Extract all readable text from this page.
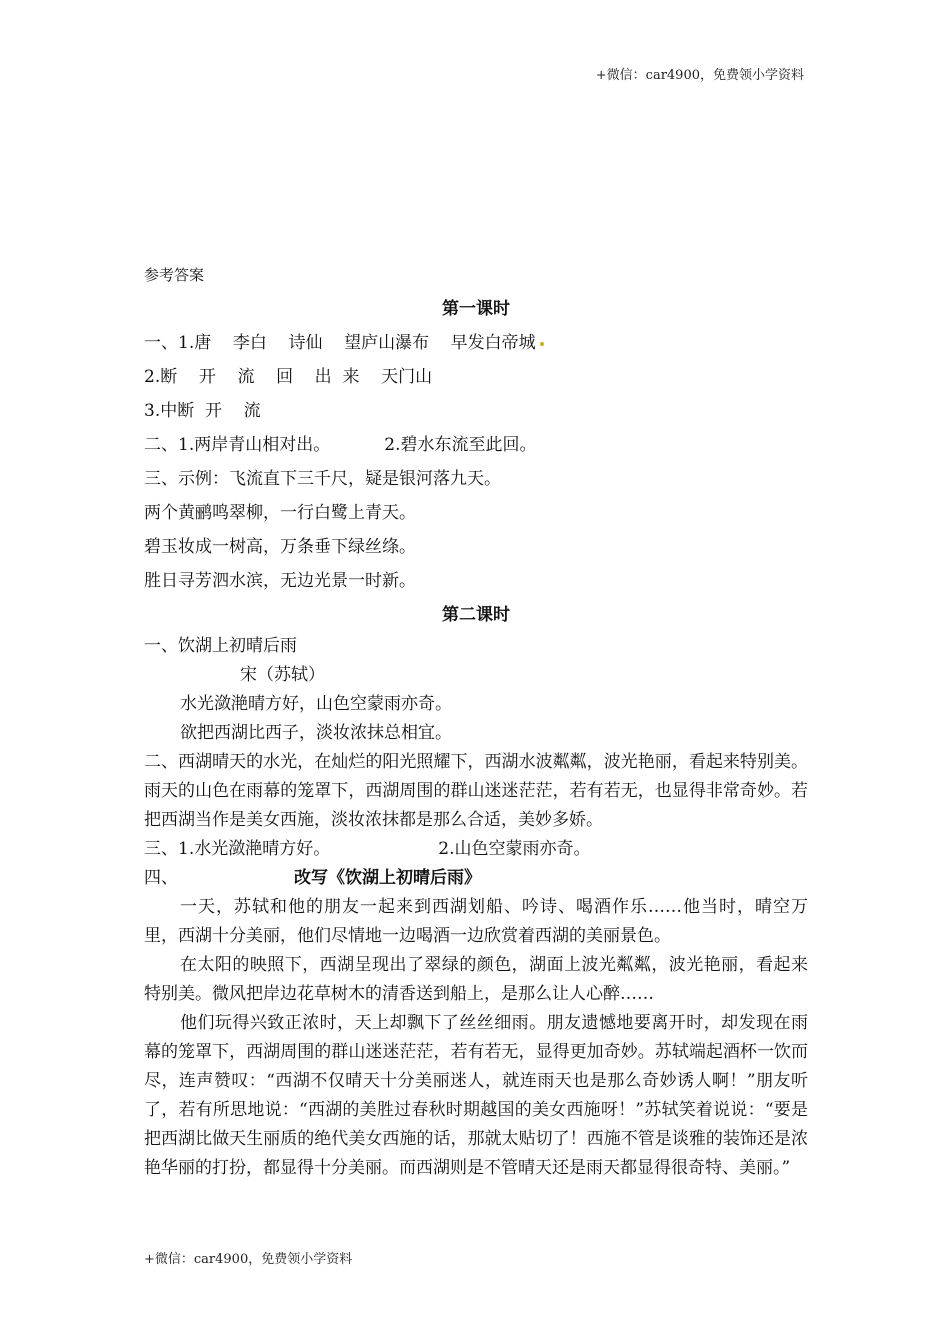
+微信：car4900，免费领小学资料

参考答案

第一课时

一、1.唐    李白    诗仙    望庐山瀑布    早发白帝城

2.断    开    流    回    出  来    天门山

3.中断  开    流

二、1.两岸青山相对出。          2.碧水东流至此回。

三、示例：飞流直下三千尺，疑是银河落九天。

两个黄鹂鸣翠柳，一行白鹭上青天。

碧玉妆成一树高，万条垂下绿丝绦。

胜日寻芳泗水滨，无边光景一时新。

第二课时

一、饮湖上初晴后雨

宋（苏轼）

水光潋滟晴方好，山色空蒙雨亦奇。

欲把西湖比西子，淡妆浓抹总相宜。

二、西湖晴天的水光，在灿烂的阳光照耀下，西湖水波粼粼，波光艳丽，看起来特别美。雨天的山色在雨幕的笼罩下，西湖周围的群山迷迷茫茫，若有若无，也显得非常奇妙。若把西湖当作是美女西施，淡妆浓抹都是那么合适，美妙多娇。

三、1.水光潋滟晴方好。                    2.山色空蒙雨亦奇。

四、	改写《饮湖上初晴后雨》

一天，苏轼和他的朋友一起来到西湖划船、吟诗、喝酒作乐……他当时，晴空万里，西湖十分美丽，他们尽情地一边喝酒一边欣赏着西湖的美丽景色。

在太阳的映照下，西湖呈现出了翠绿的颜色，湖面上波光粼粼，波光艳丽，看起来特别美。微风把岸边花草树木的清香送到船上，是那么让人心醉……

他们玩得兴致正浓时，天上却飘下了丝丝细雨。朋友遗憾地要离开时，却发现在雨幕的笼罩下，西湖周围的群山迷迷茫茫，若有若无，显得更加奇妙。苏轼端起酒杯一饮而尽，连声赞叹：“西湖不仅晴天十分美丽迷人，就连雨天也是那么奇妙诱人啊！”朋友听了，若有所思地说：“西湖的美胜过春秋时期越国的美女西施呀！”苏轼笑着说说：“要是把西湖比做天生丽质的绝代美女西施的话，那就太贴切了！西施不管是谈雅的装饰还是浓艳华丽的打扮，都显得十分美丽。而西湖则是不管晴天还是雨天都显得很奇特、美丽。”

+微信：car4900，免费领小学资料
